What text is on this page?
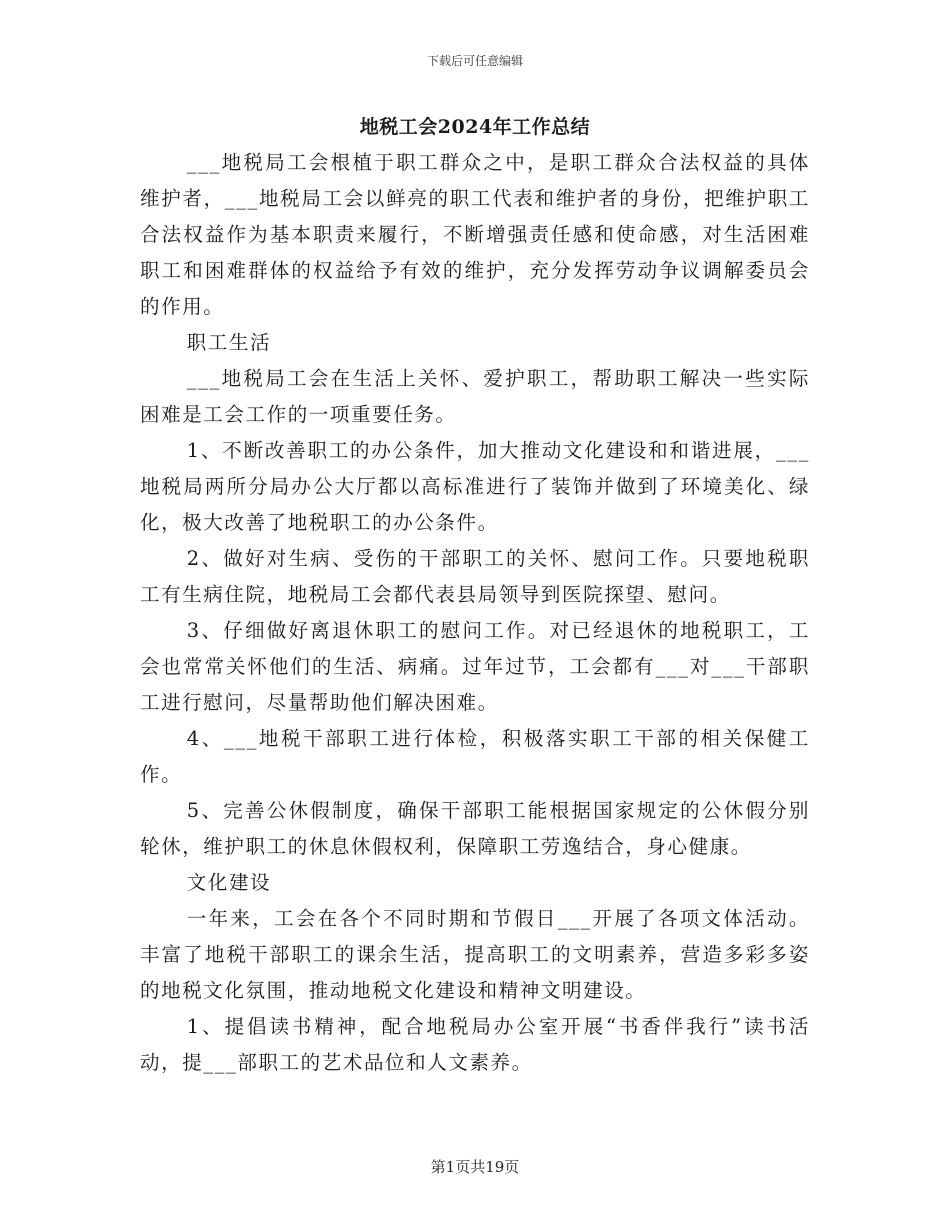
下载后可任意编辑
地税工会2024年工作总结

___地税局工会根植于职工群众之中，是职工群众合法权益的具体维护者，___地税局工会以鲜亮的职工代表和维护者的身份，把维护职工合法权益作为基本职责来履行，不断增强责任感和使命感，对生活困难职工和困难群体的权益给予有效的维护，充分发挥劳动争议调解委员会的作用。

职工生活

___地税局工会在生活上关怀、爱护职工，帮助职工解决一些实际困难是工会工作的一项重要任务。

1、不断改善职工的办公条件，加大推动文化建设和和谐进展，___地税局两所分局办公大厅都以高标准进行了装饰并做到了环境美化、绿化，极大改善了地税职工的办公条件。

2、做好对生病、受伤的干部职工的关怀、慰问工作。只要地税职工有生病住院，地税局工会都代表县局领导到医院探望、慰问。

3、仔细做好离退休职工的慰问工作。对已经退休的地税职工，工会也常常关怀他们的生活、病痛。过年过节，工会都有___对___干部职工进行慰问，尽量帮助他们解决困难。

4、___地税干部职工进行体检，积极落实职工干部的相关保健工作。

5、完善公休假制度，确保干部职工能根据国家规定的公休假分别轮休，维护职工的休息休假权利，保障职工劳逸结合，身心健康。

文化建设

一年来，工会在各个不同时期和节假日___开展了各项文体活动。丰富了地税干部职工的课余生活，提高职工的文明素养，营造多彩多姿的地税文化氛围，推动地税文化建设和精神文明建设。

1、提倡读书精神，配合地税局办公室开展“书香伴我行”读书活动，提___部职工的艺术品位和人文素养。

第1页共19页
